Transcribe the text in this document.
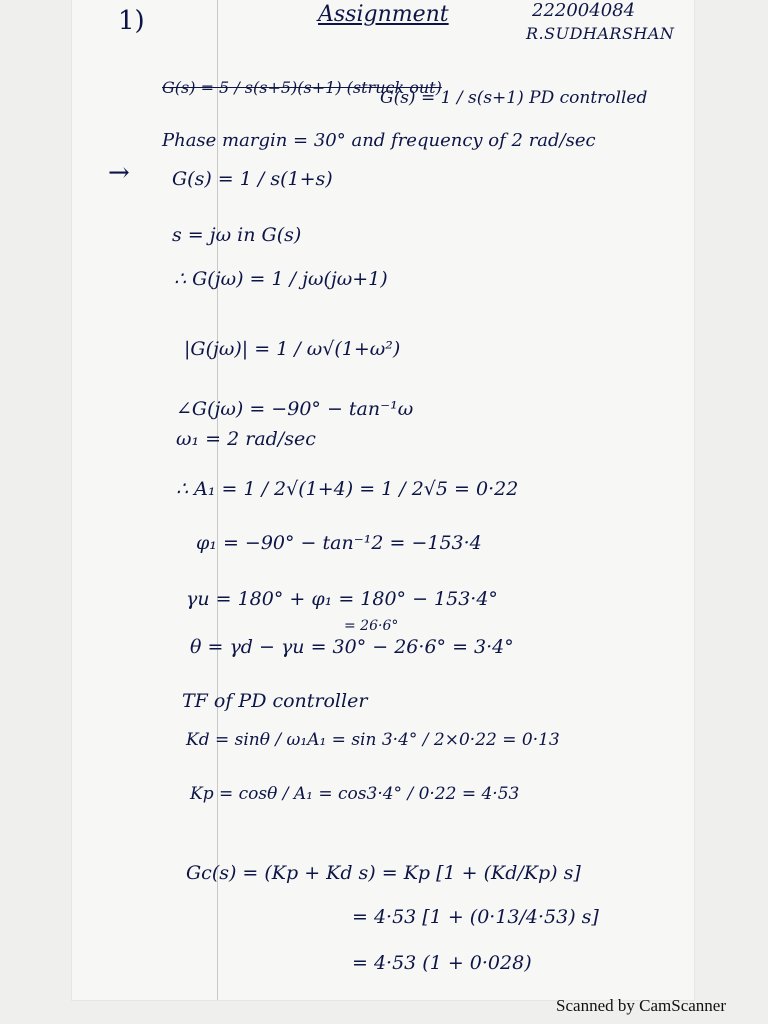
1)	Assignment	222004084
R.SUDHARSHAN
→
G(s) = 5 / s(s+5)(s+1) (struck out)
G(s) = 1 / s(s+1) PD controlled
Phase margin = 30° and frequency of 2 rad/sec
G(s) = 1 / s(1+s)
s = jω in G(s)
∴ G(jω) = 1 / jω(jω+1)
|G(jω)| = 1 / ω√(1+ω²)
∠G(jω) = −90° − tan⁻¹ω
ω₁ = 2 rad/sec
∴ A₁ = 1 / 2√(1+4) = 1 / 2√5 = 0·22
φ₁ = −90° − tan⁻¹2 = −153·4
γu = 180° + φ₁ = 180° − 153·4°
= 26·6°
θ = γd − γu = 30° − 26·6° = 3·4°
TF of PD controller
Kd = sinθ / ω₁A₁ = sin 3·4° / 2×0·22 = 0·13
Kp = cosθ / A₁ = cos3·4° / 0·22 = 4·53
Gc(s) = (Kp + Kd s) = Kp [1 + (Kd/Kp) s]
= 4·53 [1 + (0·13/4·53) s]
= 4·53 (1 + 0·028)
Scanned by CamScanner
